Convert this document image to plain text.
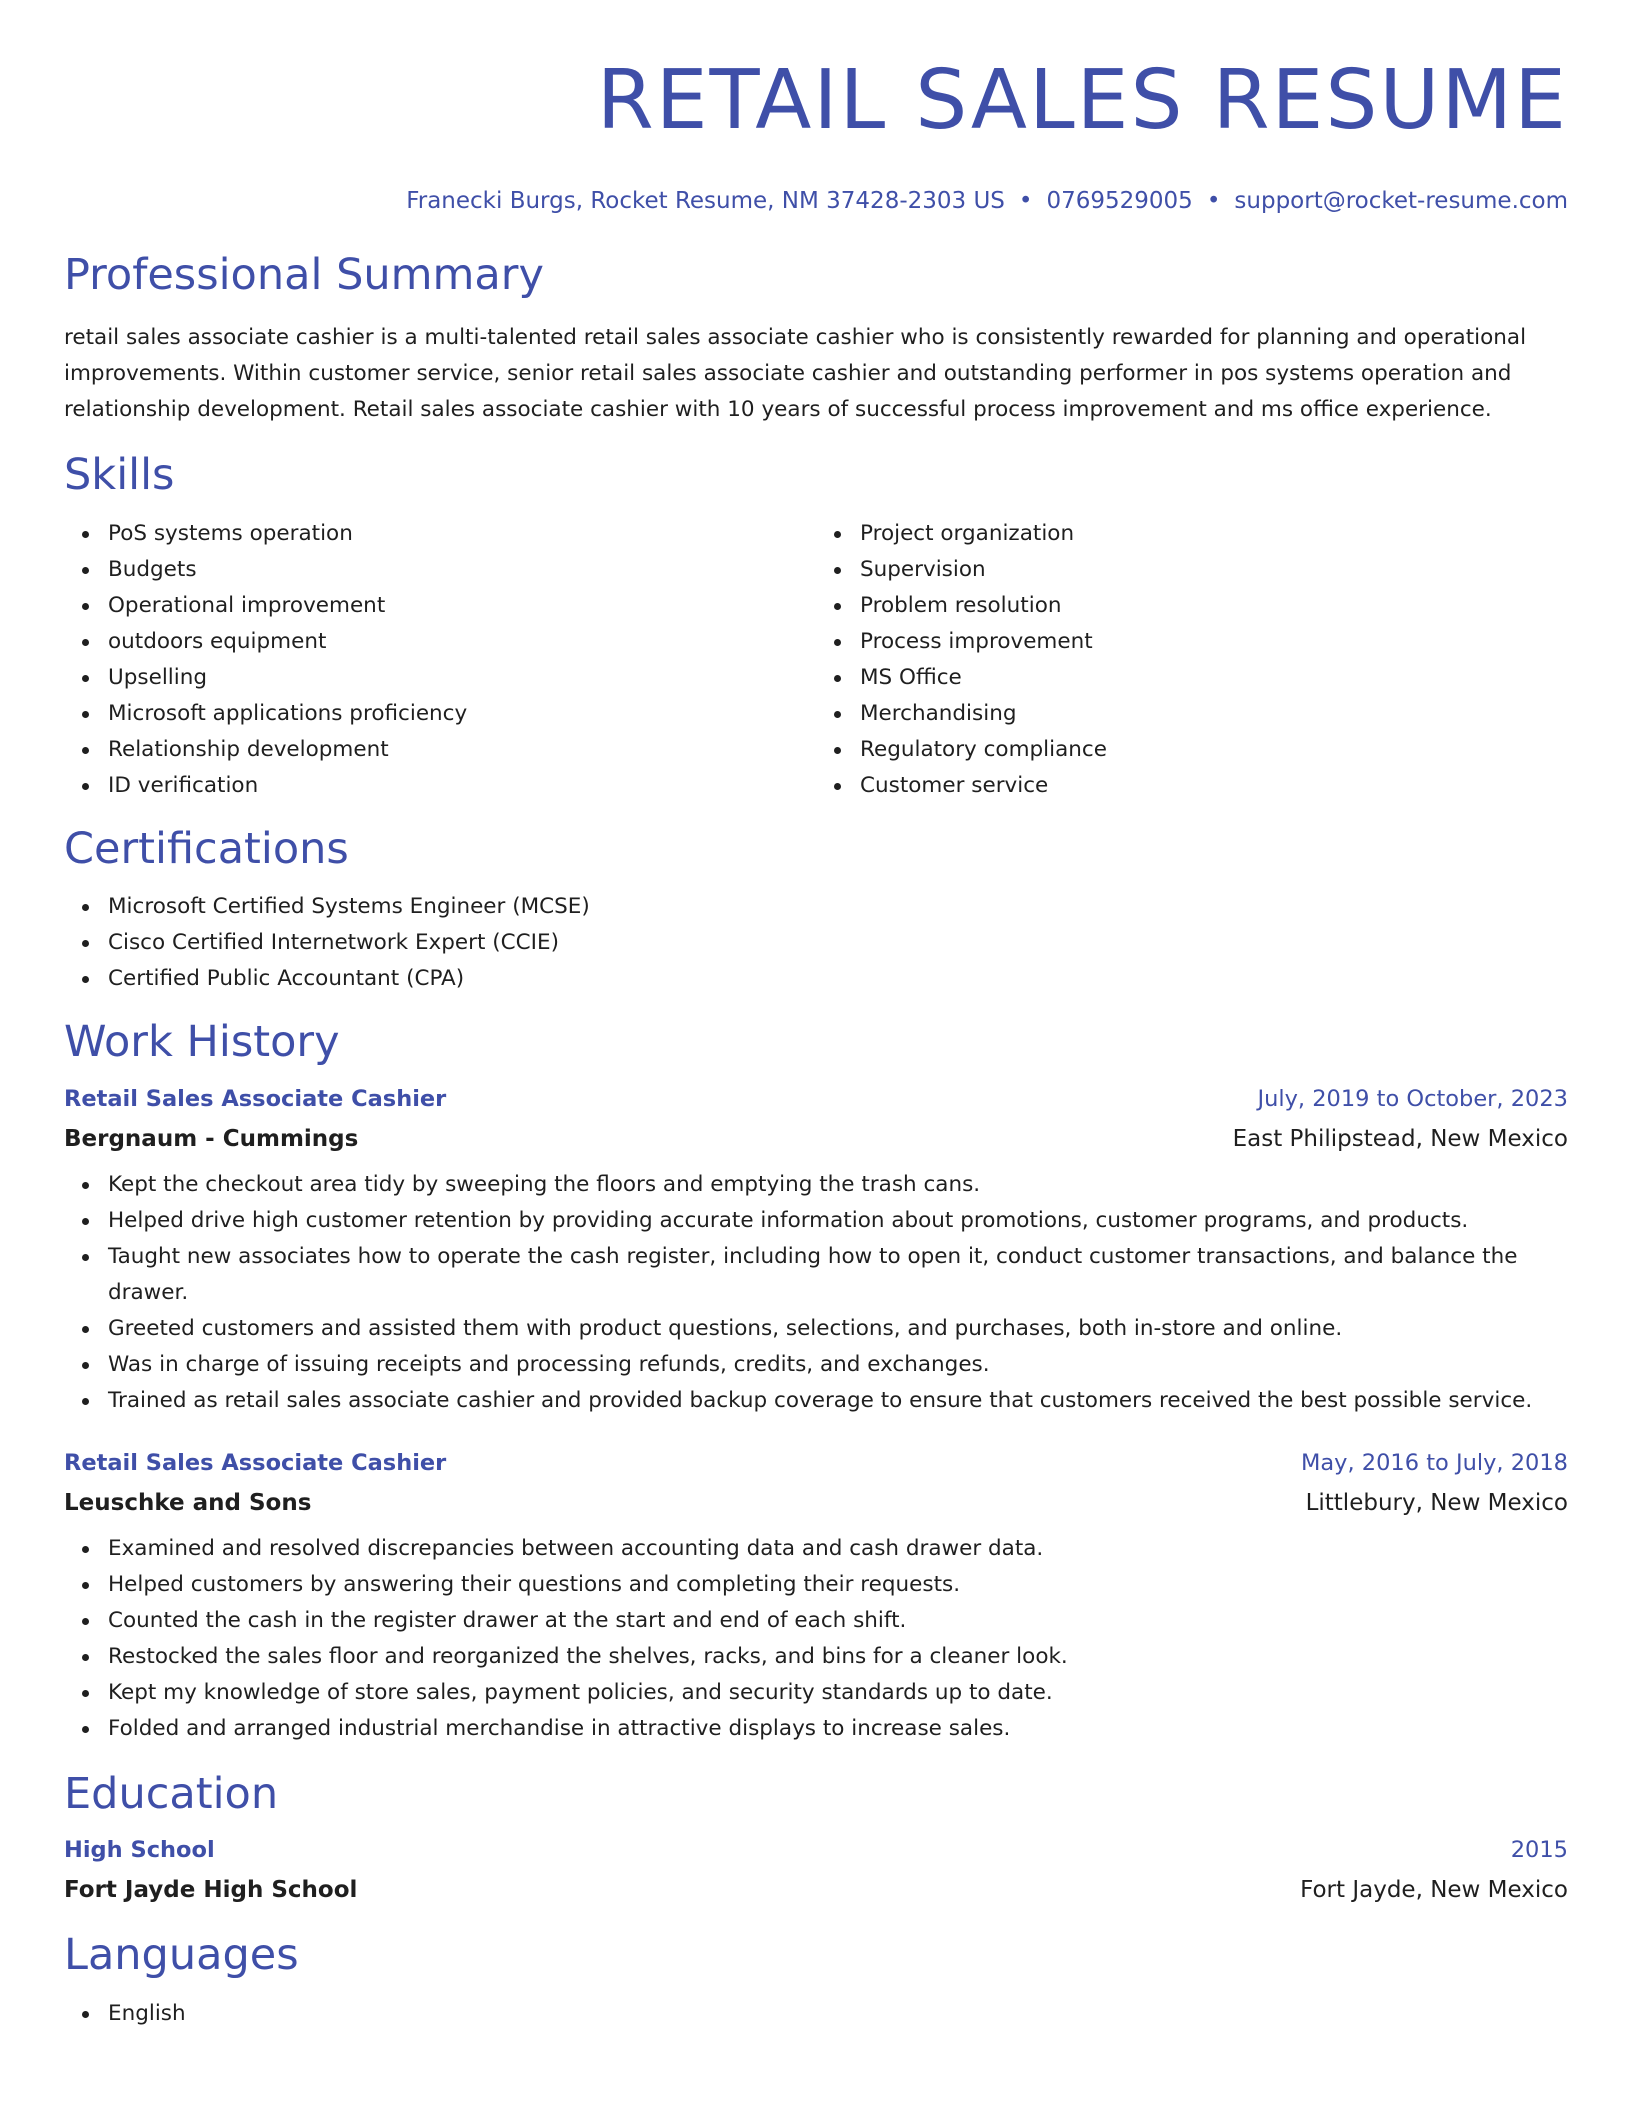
RETAIL SALES RESUME
Franecki Burgs, Rocket Resume, NM 37428-2303 US • 0769529005 • support@rocket-resume.com
Professional Summary

retail sales associate cashier is a multi-talented retail sales associate cashier who is consistently rewarded for planning and operational improvements. Within customer service, senior retail sales associate cashier and outstanding performer in pos systems operation and relationship development. Retail sales associate cashier with 10 years of successful process improvement and ms office experience.

Skills
PoS systems operation
Budgets
Operational improvement
outdoors equipment
Upselling
Microsoft applications proficiency
Relationship development
ID verification
Project organization
Supervision
Problem resolution
Process improvement
MS Office
Merchandising
Regulatory compliance
Customer service
Certifications
Microsoft Certified Systems Engineer (MCSE)
Cisco Certified Internetwork Expert (CCIE)
Certified Public Accountant (CPA)
Work History
Retail Sales Associate Cashier	July, 2019 to October, 2023
Bergnaum - Cummings	East Philipstead, New Mexico
Kept the checkout area tidy by sweeping the floors and emptying the trash cans.
Helped drive high customer retention by providing accurate information about promotions, customer programs, and products.
Taught new associates how to operate the cash register, including how to open it, conduct customer transactions, and balance the drawer.
Greeted customers and assisted them with product questions, selections, and purchases, both in-store and online.
Was in charge of issuing receipts and processing refunds, credits, and exchanges.
Trained as retail sales associate cashier and provided backup coverage to ensure that customers received the best possible service.
Retail Sales Associate Cashier	May, 2016 to July, 2018
Leuschke and Sons	Littlebury, New Mexico
Examined and resolved discrepancies between accounting data and cash drawer data.
Helped customers by answering their questions and completing their requests.
Counted the cash in the register drawer at the start and end of each shift.
Restocked the sales floor and reorganized the shelves, racks, and bins for a cleaner look.
Kept my knowledge of store sales, payment policies, and security standards up to date.
Folded and arranged industrial merchandise in attractive displays to increase sales.
Education
High School	2015
Fort Jayde High School	Fort Jayde, New Mexico
Languages
English
